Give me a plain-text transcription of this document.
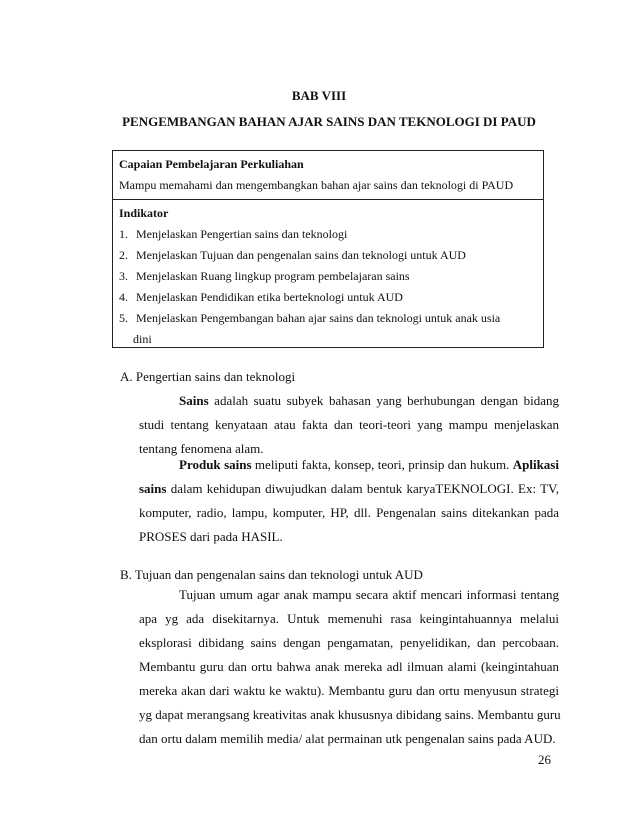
BAB VIII
PENGEMBANGAN BAHAN AJAR SAINS DAN TEKNOLOGI DI PAUD
Capaian Pembelajaran Perkuliahan
Mampu memahami dan mengembangkan bahan ajar sains dan teknologi di PAUD
Indikator
1. Menjelaskan Pengertian sains dan teknologi
2. Menjelaskan Tujuan dan pengenalan sains dan teknologi untuk AUD
3. Menjelaskan Ruang lingkup program pembelajaran sains
4. Menjelaskan Pendidikan etika berteknologi untuk AUD
5. Menjelaskan Pengembangan bahan ajar sains dan teknologi untuk anak usia
dini
A. Pengertian sains dan teknologi
Sains adalah suatu subyek bahasan yang berhubungan dengan bidang
studi tentang kenyataan atau fakta dan teori-teori yang mampu menjelaskan
tentang fenomena alam.
Produk sains meliputi fakta, konsep, teori, prinsip dan hukum. Aplikasi
sains dalam kehidupan diwujudkan dalam bentuk karyaTEKNOLOGI. Ex: TV,
komputer, radio, lampu, komputer, HP, dll. Pengenalan sains ditekankan pada
PROSES dari pada HASIL.
B. Tujuan dan pengenalan sains dan teknologi untuk AUD
Tujuan umum agar anak mampu secara aktif mencari informasi tentang
apa yg ada disekitarnya. Untuk memenuhi rasa keingintahuannya melalui
eksplorasi dibidang sains dengan pengamatan, penyelidikan, dan percobaan.
Membantu guru dan ortu bahwa anak mereka adl ilmuan alami (keingintahuan
mereka akan dari waktu ke waktu). Membantu guru dan ortu menyusun strategi
yg dapat merangsang kreativitas anak khususnya dibidang sains. Membantu guru
dan ortu dalam memilih media/ alat permainan utk pengenalan sains pada AUD.
26
